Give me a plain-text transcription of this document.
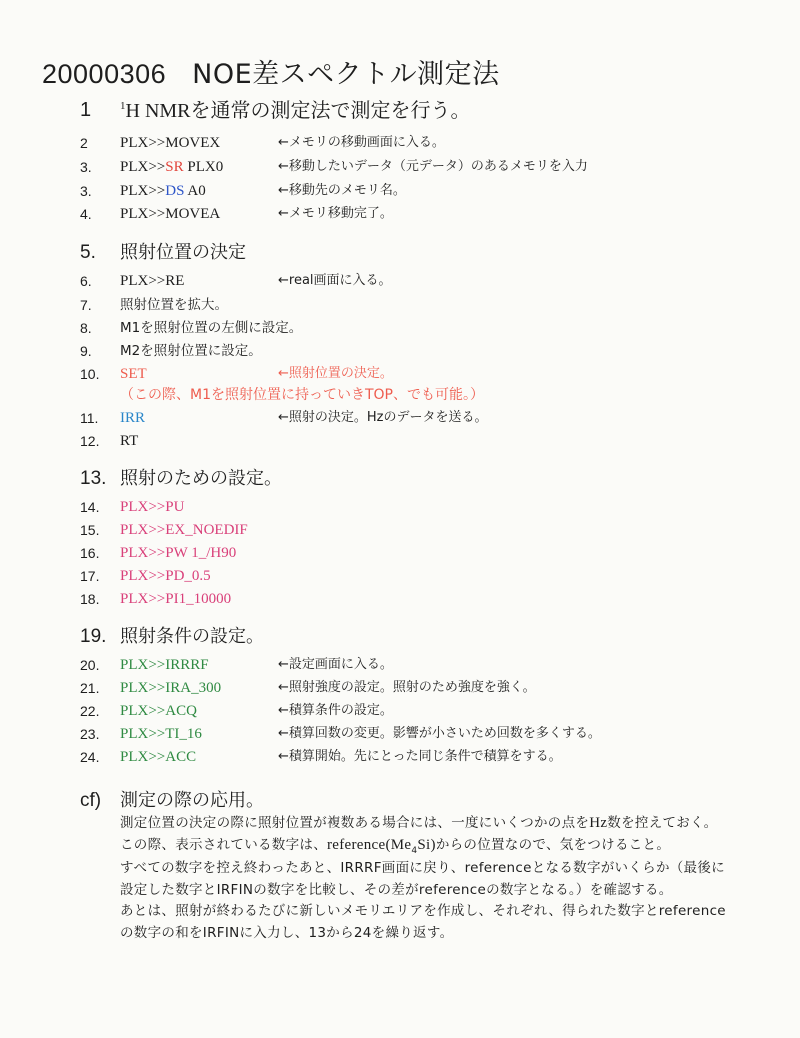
20000306 NOE差スペクトル測定法
1	$^1$H NMRを通常の測定法で測定を行う。
2 PLX>>MOVEX	←メモリの移動画面に入る。
3. PLX>>SR PLX0	←移動したいデータ（元データ）のあるメモリを入力
3. PLX>>DS A0	←移動先のメモリ名。
4. PLX>>MOVEA	←メモリ移動完了。
5. 照射位置の決定
6. PLX>>RE	←real画面に入る。
7. 照射位置を拡大。
8. M1を照射位置の左側に設定。
9. M2を照射位置に設定。
10. SET	←照射位置の決定。
（この際、M1を照射位置に持っていきTOP、でも可能。）
11. IRR	←照射の決定。Hzのデータを送る。
12. RT
13. 照射のための設定。
14. PLX>>PU
15. PLX>>EX_NOEDIF
16. PLX>>PW 1_/H90
17. PLX>>PD_0.5
18. PLX>>PI1_10000
19. 照射条件の設定。
20. PLX>>IRRRF	←設定画面に入る。
21. PLX>>IRA_300	←照射強度の設定。照射のため強度を強く。
22. PLX>>ACQ	←積算条件の設定。
23. PLX>>TI_16	←積算回数の変更。影響が小さいため回数を多くする。
24. PLX>>ACC	←積算開始。先にとった同じ条件で積算をする。
cf) 測定の際の応用。

測定位置の決定の際に照射位置が複数ある場合には、一度にいくつかの点をHz数を控えておく。この際、表示されている数字は、$reference(Me_4Si)$からの位置なので、気をつけること。

すべての数字を控え終わったあと、IRRRF画面に戻り、referenceとなる数字がいくらか（最後に設定した数字とIRFINの数字を比較し、その差がreferenceの数字となる。）を確認する。

あとは、照射が終わるたびに新しいメモリエリアを作成し、それぞれ、得られた数字とreferenceの数字の和をIRFINに入力し、13から24を繰り返す。
